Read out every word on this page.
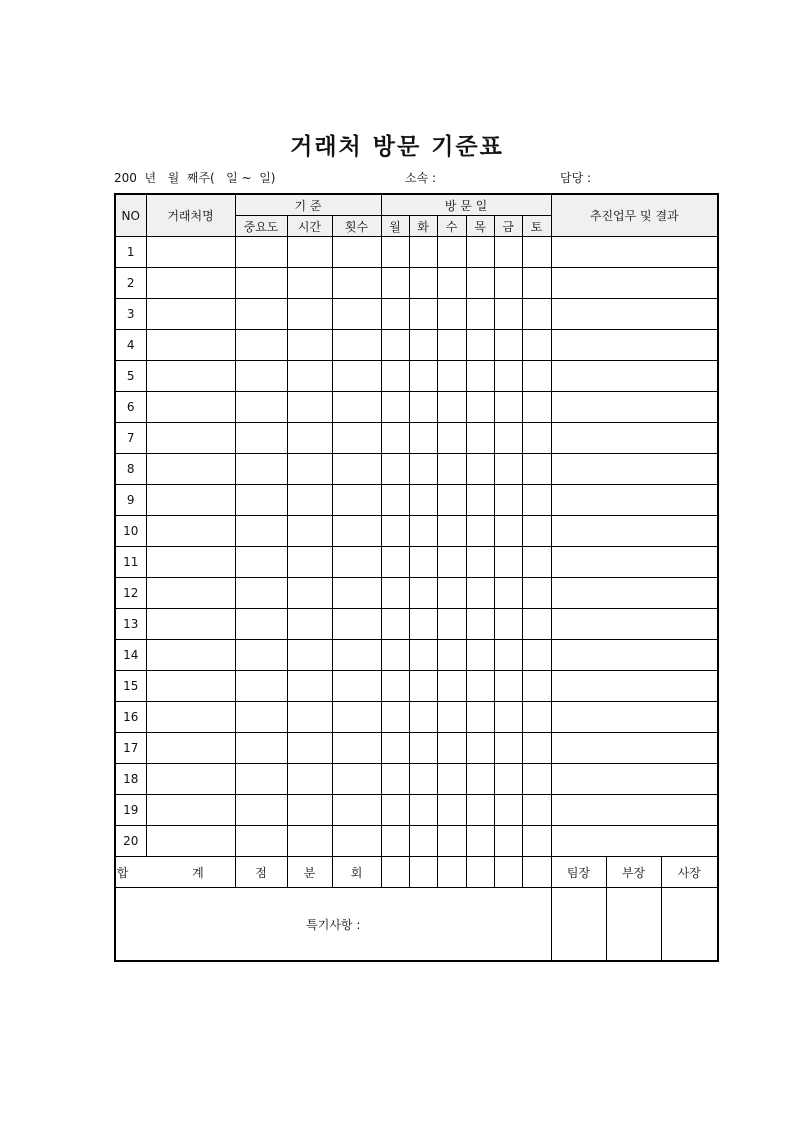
거래처 방문 기준표
200  년   월  째주(   일 ~  일)	소속 :	담당 :
NO	거래처명	기 준			방 문 일						추진업무 및 결과		
		중요도	시간	횟수	월	화	수	목	금	토			
1													
2													
3													
4													
5													
6													
7													
8													
9													
10													
11													
12													
13													
14													
15													
16													
17													
18													
19													
20													
합 계		점	분	회							팀장	부장	사장
특기사항 :													
